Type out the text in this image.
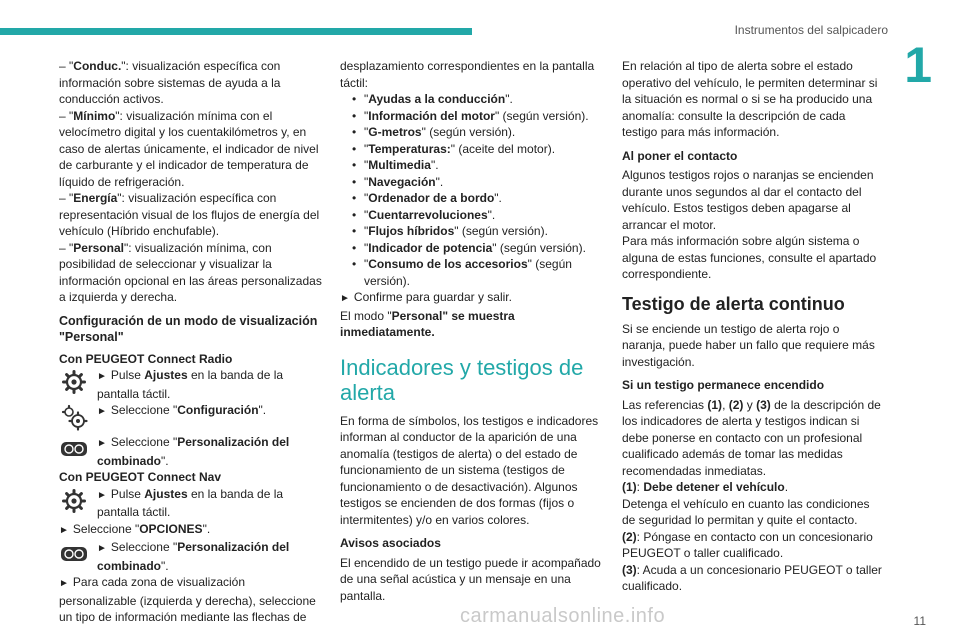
Instrumentos del salpicadero
1
– "Conduc.": visualización específica con información sobre sistemas de ayuda a la conducción activos.
– "Mínimo": visualización mínima con el velocímetro digital y los cuentakilómetros y, en caso de alertas únicamente, el indicador de nivel de carburante y el indicador de temperatura de líquido de refrigeración.
– "Energía": visualización específica con representación visual de los flujos de energía del vehículo (Híbrido enchufable).
– "Personal": visualización mínima, con posibilidad de seleccionar y visualizar la información opcional en las áreas personalizadas a izquierda y derecha.
Configuración de un modo de visualización "Personal"
Con PEUGEOT Connect Radio
► Pulse Ajustes en la banda de la pantalla táctil.
► Seleccione "Configuración".
► Seleccione "Personalización del combinado".
Con PEUGEOT Connect Nav
► Pulse Ajustes en la banda de la pantalla táctil.
► Seleccione "OPCIONES".
► Seleccione "Personalización del combinado".
► Para cada zona de visualización personalizable (izquierda y derecha), seleccione un tipo de información mediante las flechas de
desplazamiento correspondientes en la pantalla táctil:
• "Ayudas a la conducción".
• "Información del motor" (según versión).
• "G-metros" (según versión).
• "Temperaturas:" (aceite del motor).
• "Multimedia".
• "Navegación".
• "Ordenador de a bordo".
• "Cuentarrevoluciones".
• "Flujos híbridos" (según versión).
• "Indicador de potencia" (según versión).
• "Consumo de los accesorios" (según versión).
► Confirme para guardar y salir.
El modo "Personal" se muestra inmediatamente.
Indicadores y testigos de alerta
En forma de símbolos, los testigos e indicadores informan al conductor de la aparición de una anomalía (testigos de alerta) o del estado de funcionamiento de un sistema (testigos de funcionamiento o de desactivación). Algunos testigos se encienden de dos formas (fijos o intermitentes) y/o en varios colores.
Avisos asociados
El encendido de un testigo puede ir acompañado de una señal acústica y un mensaje en una pantalla.
En relación al tipo de alerta sobre el estado operativo del vehículo, le permiten determinar si la situación es normal o si se ha producido una anomalía: consulte la descripción de cada testigo para más información.
Al poner el contacto
Algunos testigos rojos o naranjas se encienden durante unos segundos al dar el contacto del vehículo. Estos testigos deben apagarse al arrancar el motor.
Para más información sobre algún sistema o alguna de estas funciones, consulte el apartado correspondiente.
Testigo de alerta continuo
Si se enciende un testigo de alerta rojo o naranja, puede haber un fallo que requiere más investigación.
Si un testigo permanece encendido
Las referencias (1), (2) y (3) de la descripción de los indicadores de alerta y testigos indican si debe ponerse en contacto con un profesional cualificado además de tomar las medidas recomendadas inmediatas.
(1): Debe detener el vehículo.
Detenga el vehículo en cuanto las condiciones de seguridad lo permitan y quite el contacto.
(2): Póngase en contacto con un concesionario PEUGEOT o taller cualificado.
(3): Acuda a un concesionario PEUGEOT o taller cualificado.
carmanualsonline.info	11
